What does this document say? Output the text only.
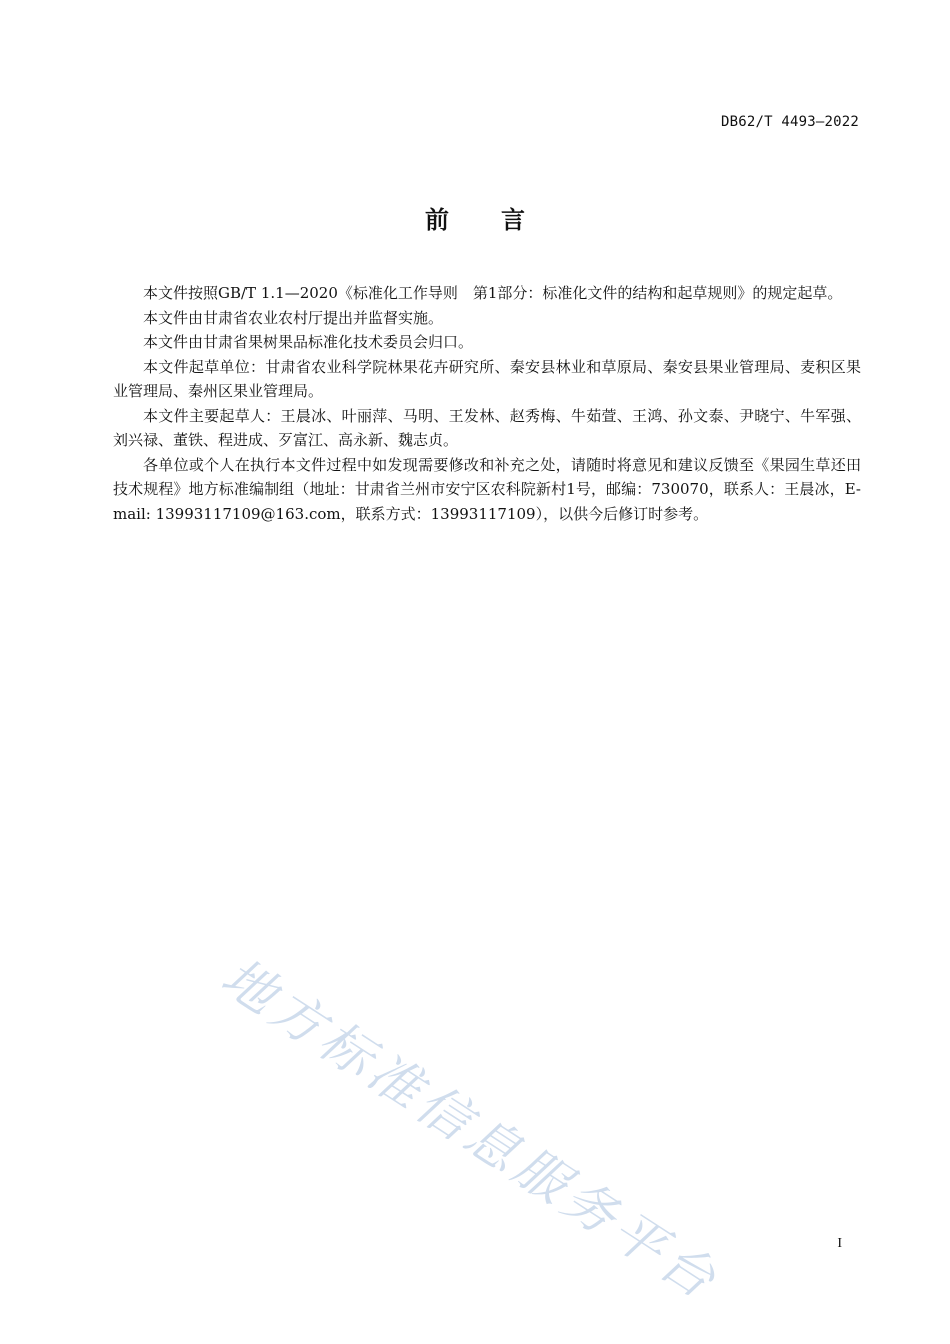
DB62/T 4493—2022
前言

本文件按照GB/T 1.1—2020《标准化工作导则　第1部分：标准化文件的结构和起草规则》的规定起草。

本文件由甘肃省农业农村厅提出并监督实施。

本文件由甘肃省果树果品标准化技术委员会归口。

本文件起草单位：甘肃省农业科学院林果花卉研究所、秦安县林业和草原局、秦安县果业管理局、麦积区果业管理局、秦州区果业管理局。

本文件主要起草人：王晨冰、叶丽萍、马明、王发林、赵秀梅、牛茹萱、王鸿、孙文泰、尹晓宁、牛军强、刘兴禄、董铁、程进成、歹富江、高永新、魏志贞。

各单位或个人在执行本文件过程中如发现需要修改和补充之处，请随时将意见和建议反馈至《果园生草还田技术规程》地方标准编制组（地址：甘肃省兰州市安宁区农科院新村1号，邮编：730070，联系人：王晨冰，E-mail: 13993117109@163.com，联系方式：13993117109），以供今后修订时参考。

地方标准信息服务平台	I
